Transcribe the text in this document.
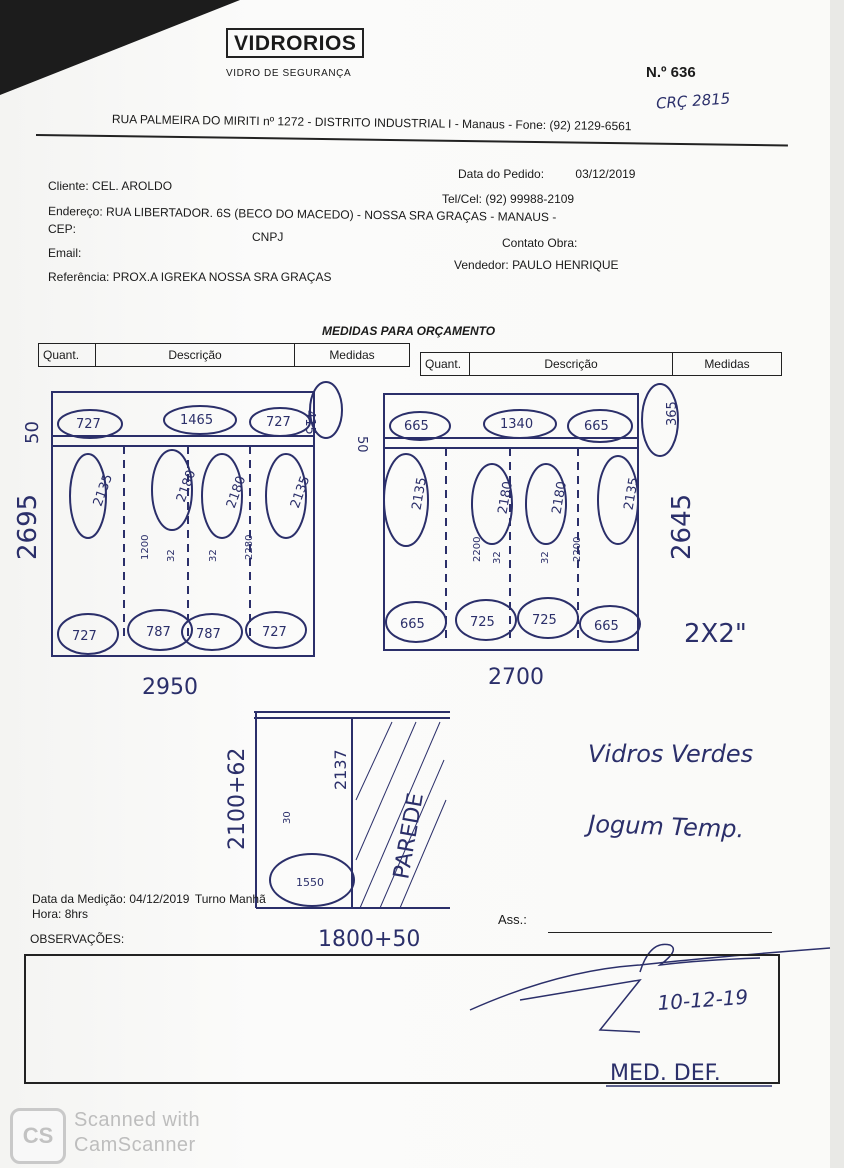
VIDRORIOS
VIDRO DE SEGURANÇA	N.º 636
CRÇ 2815
RUA PALMEIRA DO MIRITI nº 1272 - DISTRITO INDUSTRIAL I - Manaus - Fone: (92) 2129-6561
Data do Pedido:	03/12/2019
Cliente: CEL. AROLDO
Tel/Cel: (92) 99988-2109
Endereço: RUA LIBERTADOR. 6S (BECO DO MACEDO) - NOSSA SRA GRAÇAS - MANAUS -
CEP:
CNPJ	Contato Obra:
Email:
Vendedor: PAULO HENRIQUE
Referência: PROX.A IGREKA NOSSA SRA GRAÇAS
MEDIDAS PARA ORÇAMENTO
Quant.	Descrição	Medidas
Quant.	Descrição	Medidas
727	1465	727 415
2695
50
2135	2180 2180	2135
1200 32	32	2280
727	787 787	727
2950
665	1340	665
365
50
2645
2135	2180	2180	2135
2200 32	32 2200
665	725	725	665
2700
2X2"
2100+62	2137
30
1550
PAREDE
1800+50
Vidros Verdes
Jogum Temp.
10-12-19
MED. DEF.
Data da Medição: 04/12/2019 Turno Manhã
Hora: 8hrs	Ass.:
OBSERVAÇÕES:
CS
Scanned with
CamScanner
